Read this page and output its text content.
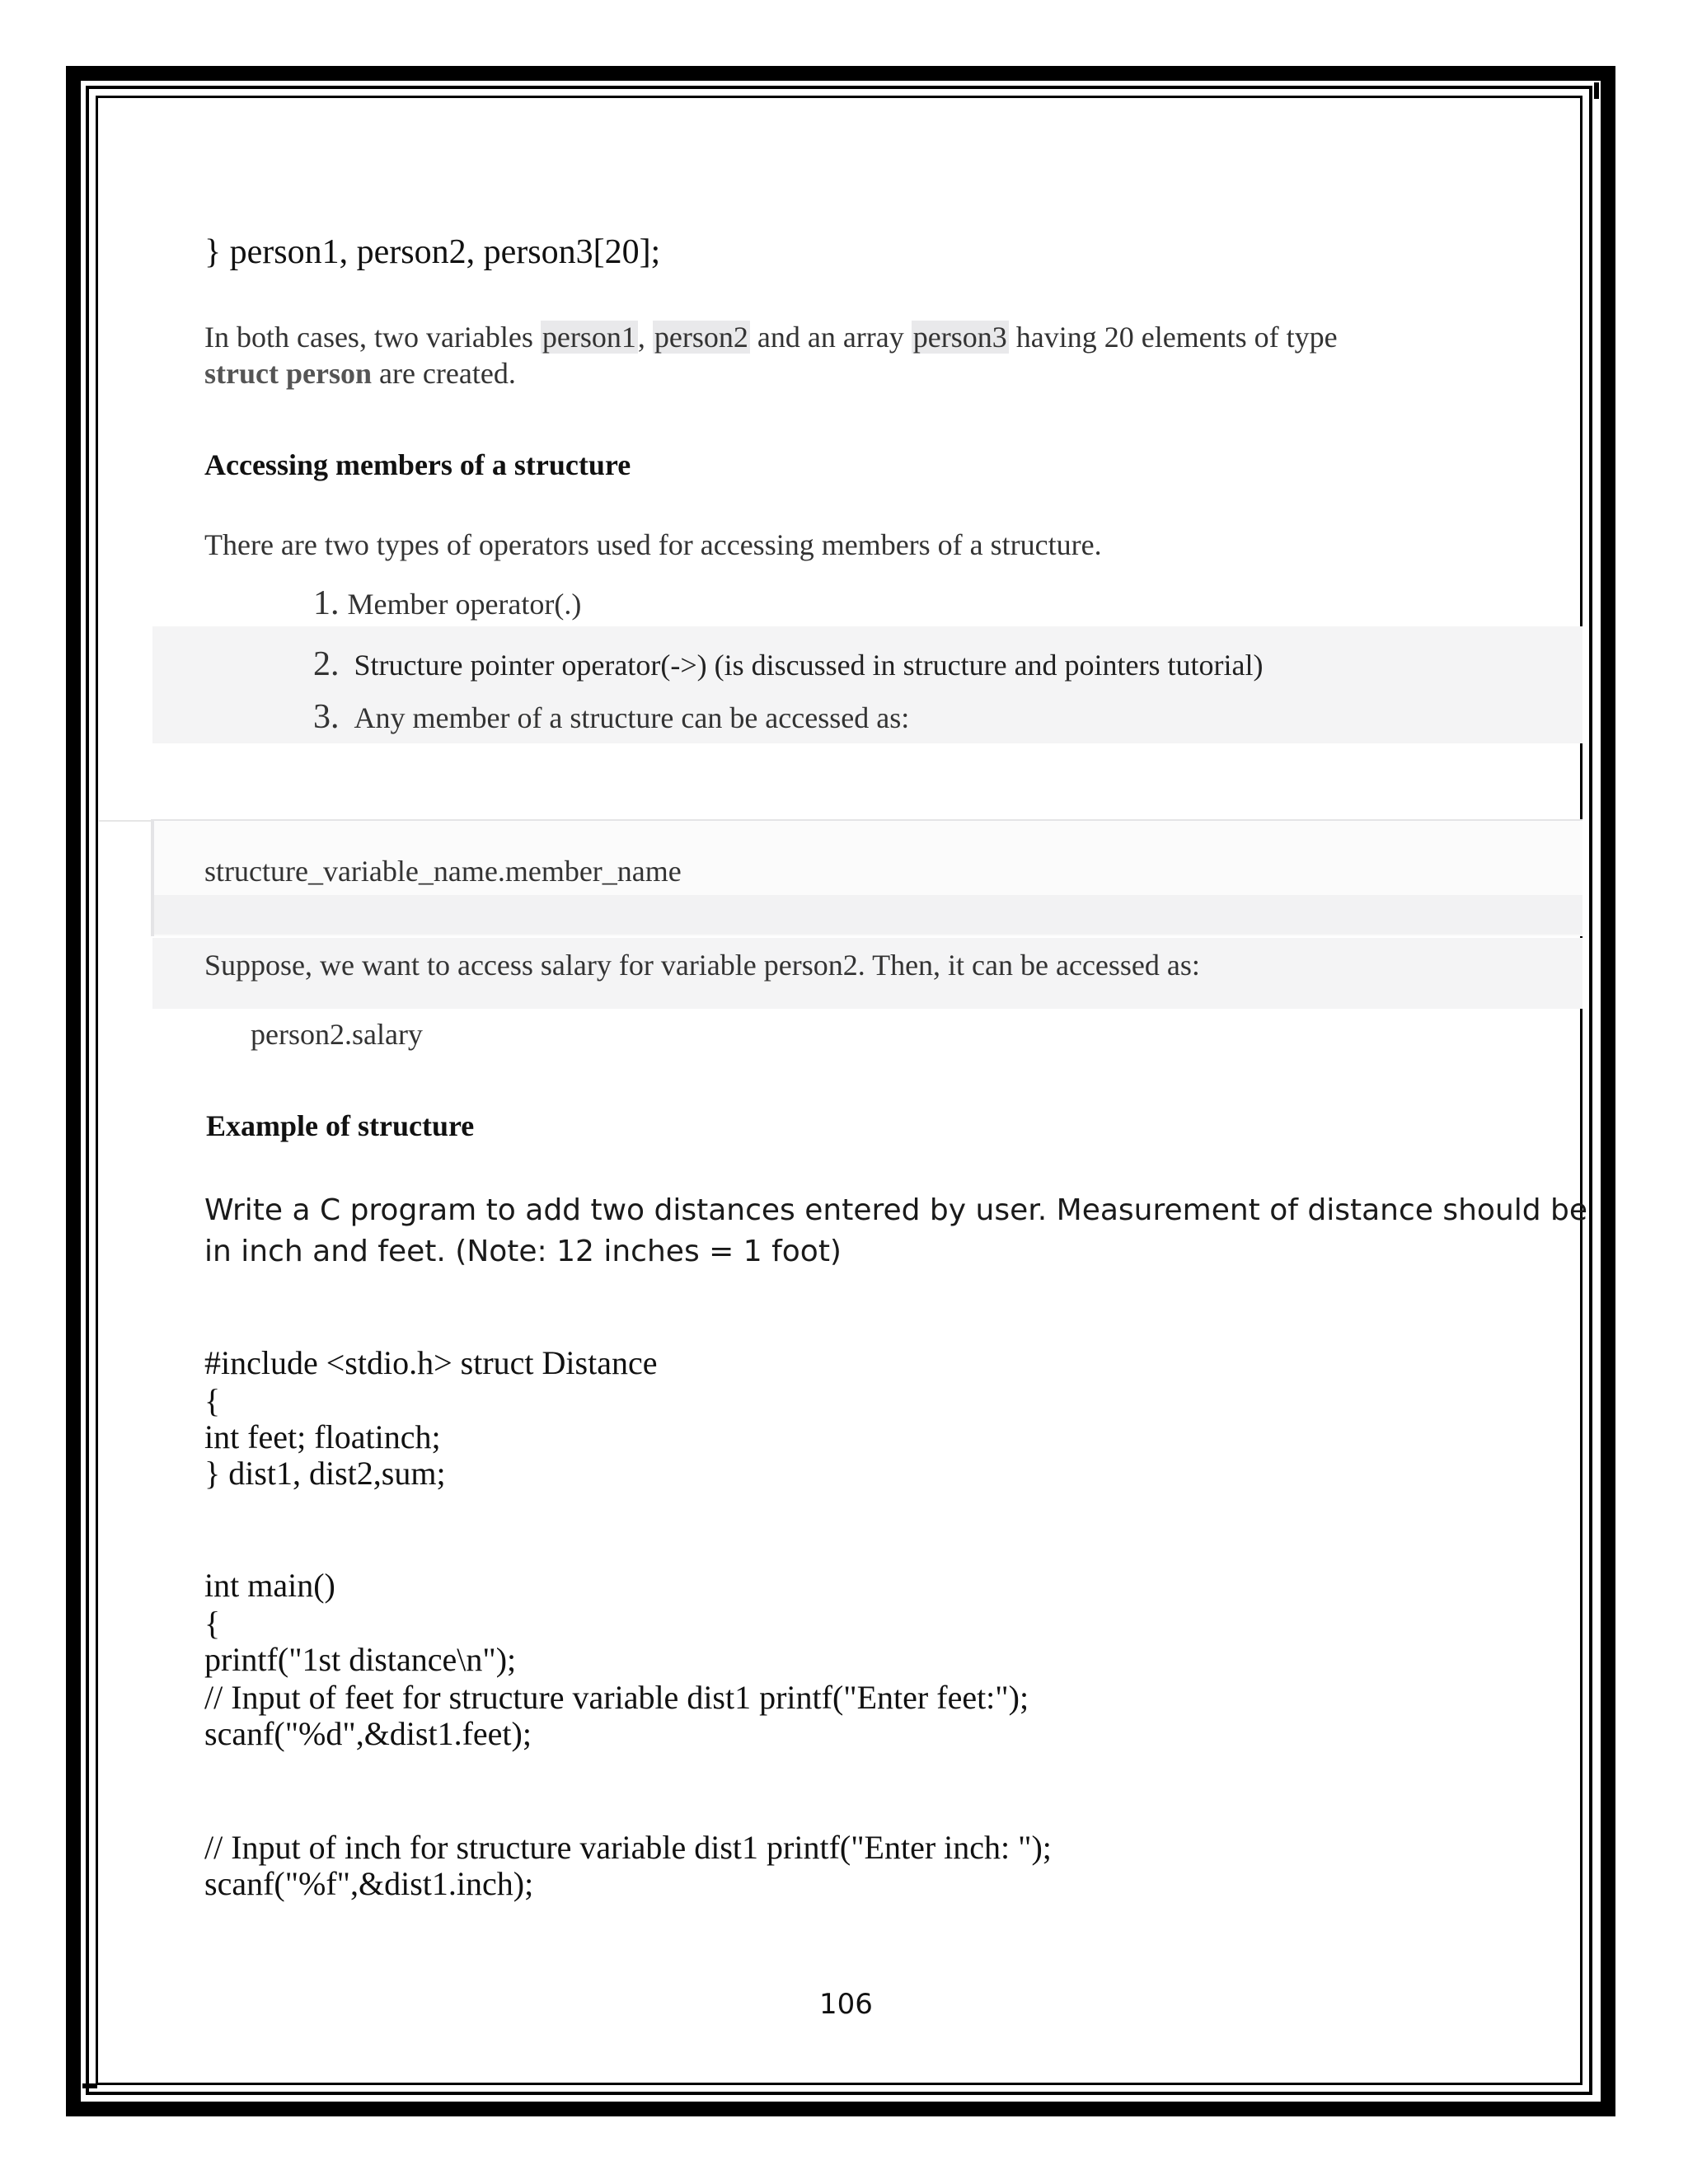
} person1, person2, person3[20];
In both cases, two variables person1, person2 and an array person3 having 20 elements of type
struct person are created.
Accessing members of a structure
There are two types of operators used for accessing members of a structure.
1. Member operator(.)
2. Structure pointer operator(->) (is discussed in structure and pointers tutorial)
3. Any member of a structure can be accessed as:
structure_variable_name.member_name
Suppose, we want to access salary for variable person2. Then, it can be accessed as:
person2.salary
Example of structure
Write a C program to add two distances entered by user. Measurement of distance should be
in inch and feet. (Note: 12 inches = 1 foot)
#include <stdio.h> struct Distance
{
int feet; floatinch;
} dist1, dist2,sum;
int main()
{
printf("1st distance\n");
// Input of feet for structure variable dist1 printf("Enter feet:");
scanf("%d",&dist1.feet);
// Input of inch for structure variable dist1 printf("Enter inch: ");
scanf("%f",&dist1.inch);
106
